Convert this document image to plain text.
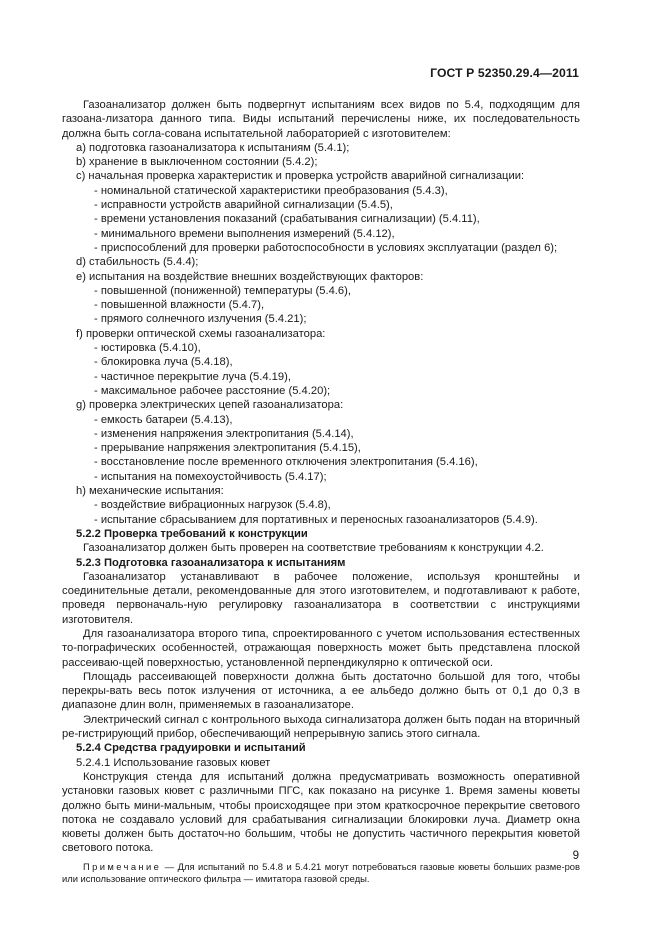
ГОСТ Р 52350.29.4—2011

Газоанализатор должен быть подвергнут испытаниям всех видов по 5.4, подходящим для газоана-лизатора данного типа. Виды испытаний перечислены ниже, их последовательность должна быть согла-сована испытательной лабораторией с изготовителем:

a) подготовка газоанализатора к испытаниям (5.4.1);

b) хранение в выключенном состоянии (5.4.2);

c) начальная проверка характеристик и проверка устройств аварийной сигнализации:

- номинальной статической характеристики преобразования (5.4.3),

- исправности устройств аварийной сигнализации (5.4.5),

- времени установления показаний (срабатывания сигнализации) (5.4.11),

- минимального времени выполнения измерений (5.4.12),

- приспособлений для проверки работоспособности в условиях эксплуатации (раздел 6);

d) стабильность (5.4.4);

e) испытания на воздействие внешних воздействующих факторов:

- повышенной (пониженной) температуры (5.4.6),

- повышенной влажности (5.4.7),

- прямого солнечного излучения (5.4.21);

f) проверки оптической схемы газоанализатора:

- юстировка (5.4.10),

- блокировка луча (5.4.18),

- частичное перекрытие луча (5.4.19),

- максимальное рабочее расстояние (5.4.20);

g) проверка электрических цепей газоанализатора:

- емкость батареи (5.4.13),

- изменения напряжения электропитания (5.4.14),

- прерывание напряжения электропитания (5.4.15),

- восстановление после временного отключения электропитания (5.4.16),

- испытания на помехоустойчивость (5.4.17);

h) механические испытания:

- воздействие вибрационных нагрузок (5.4.8),

- испытание сбрасыванием для портативных и переносных газоанализаторов (5.4.9).

5.2.2 Проверка требований к конструкции

Газоанализатор должен быть проверен на соответствие требованиям к конструкции 4.2.

5.2.3 Подготовка газоанализатора к испытаниям

Газоанализатор устанавливают в рабочее положение, используя кронштейны и соединительные детали, рекомендованные для этого изготовителем, и подготавливают к работе, проведя первоначаль-ную регулировку газоанализатора в соответствии с инструкциями изготовителя.

Для газоанализатора второго типа, спроектированного с учетом использования естественных то-пографических особенностей, отражающая поверхность может быть представлена плоской рассеиваю-щей поверхностью, установленной перпендикулярно к оптической оси.

Площадь рассеивающей поверхности должна быть достаточно большой для того, чтобы перекры-вать весь поток излучения от источника, а ее альбедо должно быть от 0,1 до 0,3 в диапазоне длин волн, применяемых в газоанализаторе.

Электрический сигнал с контрольного выхода сигнализатора должен быть подан на вторичный ре-гистрирующий прибор, обеспечивающий непрерывную запись этого сигнала.

5.2.4 Средства градуировки и испытаний

5.2.4.1 Использование газовых кювет

Конструкция стенда для испытаний должна предусматривать возможность оперативной установки газовых кювет с различными ПГС, как показано на рисунке 1. Время замены кюветы должно быть мини-мальным, чтобы происходящее при этом краткосрочное перекрытие светового потока не создавало условий для срабатывания сигнализации блокировки луча. Диаметр окна кюветы должен быть достаточ-но большим, чтобы не допустить частичного перекрытия кюветой светового потока.

Примечание — Для испытаний по 5.4.8 и 5.4.21 могут потребоваться газовые кюветы больших разме-ров или использование оптического фильтра — имитатора газовой среды.
9
